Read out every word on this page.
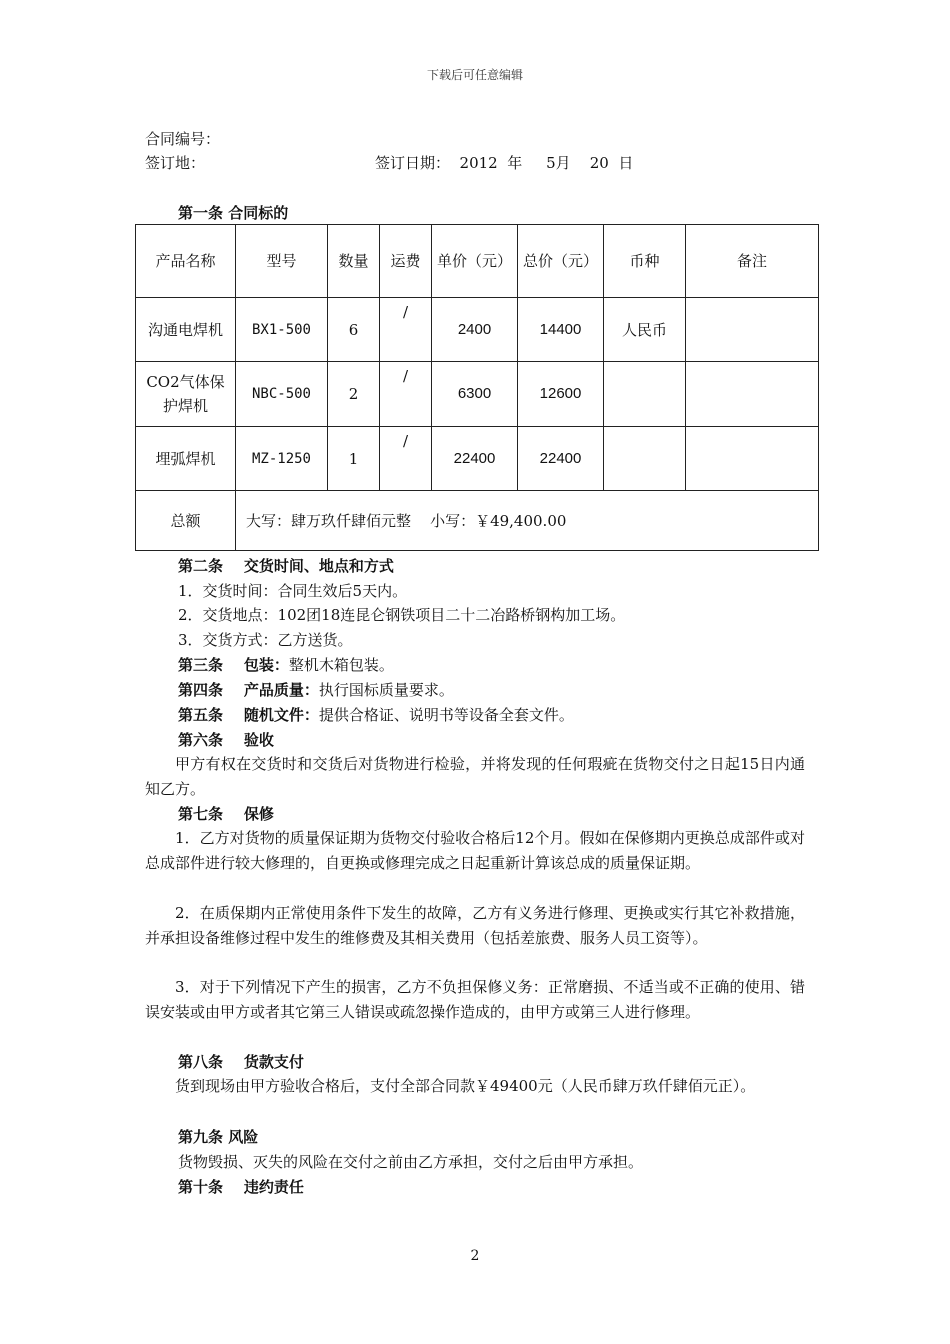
下载后可任意编辑
合同编号：
签订地：	签订日期：  2012  年     5月    20  日
第一条 合同标的
产品名称	型号	数量	运费	单价（元）	总价（元）	币种	备注
沟通电焊机	BX1-500	6	/	2400	14400	人民币	
CO2气体保护焊机	NBC-500	2	/	6300	12600		
埋弧焊机	MZ-1250	1	/	22400	22400		
总额	大写：肆万玖仟肆佰元整    小写：￥49,400.00						
第二条    交货时间、地点和方式
1．交货时间：合同生效后5天内。
2．交货地点：102团18连昆仑钢铁项目二十二冶路桥钢构加工场。
3．交货方式：乙方送货。
第三条    包装：整机木箱包装。
第四条    产品质量：执行国标质量要求。
第五条    随机文件：提供合格证、说明书等设备全套文件。
第六条    验收
甲方有权在交货时和交货后对货物进行检验，并将发现的任何瑕疵在货物交付之日起15日内通知乙方。
第七条    保修
1．乙方对货物的质量保证期为货物交付验收合格后12个月。假如在保修期内更换总成部件或对总成部件进行较大修理的，自更换或修理完成之日起重新计算该总成的质量保证期。
2．在质保期内正常使用条件下发生的故障，乙方有义务进行修理、更换或实行其它补救措施，并承担设备维修过程中发生的维修费及其相关费用（包括差旅费、服务人员工资等）。
3．对于下列情况下产生的损害，乙方不负担保修义务：正常磨损、不适当或不正确的使用、错误安装或由甲方或者其它第三人错误或疏忽操作造成的，由甲方或第三人进行修理。
第八条    货款支付
货到现场由甲方验收合格后，支付全部合同款￥49400元（人民币肆万玖仟肆佰元正）。
第九条 风险
货物毁损、灭失的风险在交付之前由乙方承担，交付之后由甲方承担。
第十条    违约责任
2
